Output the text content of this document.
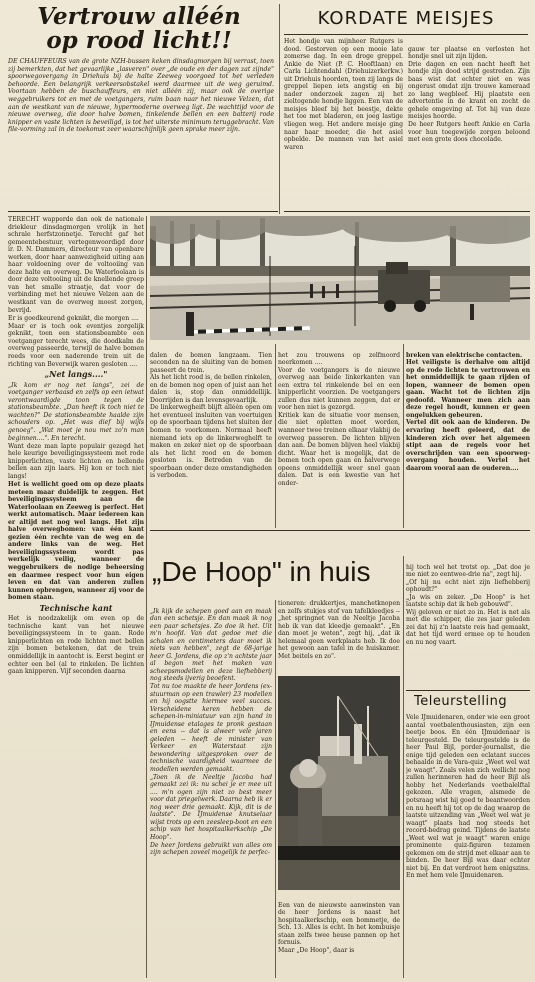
Vertrouw alléén
op rood licht!!

DE CHAUFFEURS van de grote NZH-bussen keken dinsdagmorgen bij verrast, toen zij bemerkten, dat het gevaarlijke „lasveren" over „de oude en der dagen zat zijnde" spoorwegovergang in Driehuis bij de halte Zeeweg voorgoed tot het verleden behoorde. Een belangrijk verkeersobstakel werd daarmee uit de weg geruimd. Voortaan hebben de buschauffeurs, en niet alléén zij, maar ook de overige weggebruikers tot en met de voetgangers, ruim baan naar het nieuwe Velzen, dat aan de westkant van de nieuwe, hypermoderne overweg ligt. De wachttijd voor de nieuwe overweg, die door halve bomen, tinkelende bellen en een batterij rode knipper en vaste lichten is beveiligd, is tot het uiterste minimum teruggebracht. Van file-vorming zal in de toekomst zeer waarschijnlijk geen sprake meer zijn.

KORDATE MEISJES

Het hondje van mijnheer Rutgers is dood. Gestorven op een mooie late zomerse dag. In een droge greppel. Ankie de Niet (P. C. Hooftlaan) en Carla Lichtendahl (Driehuizerkerkw.) uit Driehuis hoorden, toen zij langs de greppel liepen iets angstig en bij nader onderzoek zagen zij het zieltogende hondje liggen. Een van de meisjes bleef bij het beestje, dekte het toe met bladeren, en joeg lastige vliegen weg. Het andere meisje ging naar haar moeder, die het asiel opbelde. De mannen van het asiel waren

gauw ter plaatse en verlosten het hondje snel uit zijn lijden.
Drie dagen en een nacht heeft het hondje zijn dood strijd gestreden. Zijn baas wist dat echter niet en was ongerust omdat zijn trouwe kameraad zo lang wegbleef. Hij plaatste een advertentie in de krant en zocht de gehele omgeving af. Tot hij van deze meisjes hoorde.
De heer Rutgers heeft Ankie en Carla voor hun toegewijde zorgen beloond met een grote doos chocolade.

TERECHT wapperde dan ook de nationale driekleur dinsdagmorgen vrolijk in het schrale herfstzonnetje. Terecht gaf het gemeentebestuur, vertegenwoordigd door ir. D. N. Dammers, directeur van openbare werken, door haar aanwezigheid uiting aan haar voldoening over de voltooiing van deze halte en overweg. De Waterloolaan is door deze voltooiing uit de knellende greep van het smalle straatje, dat voor de verbinding met het nieuwe Velzen aan de westkant van de overweg moest zorgen, bevrijd.

Er is goedkeurend geknikt, die morgen ....

Maar er is toch ook eventjes zorgelijk geknikt, toen een stationsbeambte een voetganger terecht wees, die doodkalm de overweg passeerde, terwijl de halve bomen reeds voor een naderende trein uit de richting van Beverwijk waren gesloten ....

„Net langs...."

„Ik kom er nog net langs", zei de voetganger verbaasd en zelfs op een ietwat verontwaardigde toon tegen de stationsbeambte. „Dan heeft ik toch niet te wachten?" De stationsbeambte haalde zijn schouders op. „Het was dief bij wijls genoeg". „Wat moet je nou met zo'n man beginnen....". En terecht.

Want deze man lapte populair gezegd het hele keurige beveiligingssysteem met rode knipperlichten, vaste lichten en bellende bellen aan zijn laars. Hij kon er toch niet langs!

Het is wellicht goed om op deze plaats meteen maar duidelijk te zeggen. Het beveiligingssysteem aan de Waterloolaan en Zeeweg is perfect. Het werkt automatisch. Maar iedereen kan er altijd net nog wel langs. Het zijn halve overwegbomen: van één kant gezien één rechte van de weg en de andere links van de weg. Het beveiligingssysteem wordt pas werkelijk veilig, wanneer de weggebruikers de nodige beheersing en daarmee respect voor hun eigen leven en dat van anderen zullen kunnen opbrengen, wanneer zij voor de bomen staan.

Technische kant

Het is noodzakelijk om even op de technische kant van het nieuwe beveiligingssysteem in te gaan. Rode knipperlichten en rode lichten met bellen zijn bomen betekenen, dat de trein onmiddellijk in aantocht is. Eerst begint er echter een bel (al te rinkelen. De lichten gaan knipperen. Vijf seconden daarna

dalen de bomen langzaam. Tien seconden na de sluiting van de bomen passeert de trein.
Als het licht rood is, de bellen rinkelen, en de bomen nog open of juist aan het dalen is, stop dan onmiddellijk. Doorrijden is dan levensgevaarlijk.
De linkerwegheift blijft alléén open om het eventueel insluiten van voertuigen op de spoorbaan tijdens het sluiten der bomen te voorkomen. Normaal heeft niemand iets op de linkerweghelft te maken en zeker niet op de spoorbaan als het licht rood en de bomen gesloten is. Betreden van de spoorbaan onder deze omstandigheden is verboden.

het zou trouwens op zelfmoord neerkomen ....
Voor de voetgangers is de nieuwe overweg aan beide linkerkanten van een extra tel rinkelende bel en een knipperlicht voorzien. De voetgangers zullen dus niet kunnen zeggen, dat er voor hen niet is gezorgd.
Kritiek kan de situatie voor mensen, die niet opletten moet worden, wanneer twee treinen elkaar vlakbij de overweg passeren. De lichten blijven dan aan. De bomen blijven heel vlakbij dicht. Waar het is mogelijk, dat de bomen toch open gaan en halverwege opeens onmiddellijk weer snel gaan dalen. Dat is een kwestie van het onder-

breken van elektrische contacten.
Het veiligste is derhalve om altijd op de rode lichten te vertrouwen en het onmiddellijk te gaan rijden of lopen, wanneer de bomen open gaan. Wacht tot de lichten zijn gedoofd. Wanneer men zich aan deze regel houdt, kunnen er geen ongelukken gebeuren.
Vertel dit ook aan de kinderen. De ervaring heeft geleerd, dat de kinderen zich over het algemeen stipt aan de regels voor het overschrijden van een spoorweg-overgang houden. Vertel het daarom vooral aan de ouderen....

„De Hoop" in huis

„Ik kijk de schepen goed aan en maak dan een schetsje. En dan maak ik nog een paar schetsjes. Zo doe ik het. Uit m'n hoofd. Van dat gedoe met die schalen en centimeters daar moet ik niets van hebben", zegt de 68-jarige heer G. Jordens, die op z'n achtste jaar al begon met het maken van scheepsmodellen en deze liefhebberij nog steeds ijverig beoefent.
Tot nu toe maakte de heer Jordens (ex-stuurman op een trawler) 23 modellen en hij oogstte hiermee veel succes. Verscheidene keren hebben de schepen-in-miniatuur van zijn hand in IJmuidense etalages te pronk gestaan en eens -- dat is alweer vele jaren geleden -- heeft de minister van Verkeer en Waterstaat zijn bewondering uitgesproken over de technische vaardigheid waarmee de modellen werden gemaakt.
„Toen ik de Neeltje Jacoba had gemaakt zei ik: nu schei je er mee uit .... m'n ogen zijn niet zo best meer voor dat priegelwerk. Daarna heb ik er nog weer drie gemaakt. Kijk, dit is de laatste". De IJmuidense knutselaar wijst trots op een zeesleep-boot en een schip van het hospitaalkerkschip „De Hoop".
De heer Jordens gebruikt van alles om zijn schepen zoveel mogelijk te perfec-

tioneren: drukkertjes, manchetknopen en zelfs stukjes stof van tafelkleedjes -- „het springnet van de Neeltje Jacoba heb ik van dat kleedje gemaakt". „En dan moet je weten", zegt hij, „dat ik helemaal geen werkplaats heb. Ik doe het gewoon aan tafel in de huiskamer. Met beitels en zo".

Een van de nieuwste aanwinsten van de heer Jordens is naast het hospitaalkerkschip, een bommetje, de Sch. 13. Alles is echt. In het kombuisje staan zelfs twee heuse pannen op het fornuis.
Maar „De Hoop", daar is

hij toch wel het trotst op. „Dat doe je me niet zo eentwee-drie na", zegt hij.
„Of hij nu echt niet zijn liefhebberij ophoudt?"
„Ja wis en zeker. „De Hoop" is het laatste schip dat ik heb gebouwd".
Wij geloven er niet zo in. Het is net als met die schipper, die zes jaar geleden zei dat hij z'n laatste reis had gemaakt, dat het tijd werd ermee op te houden en nu nog vaart.

Teleurstelling

Vele IJmuidenaren, onder wie een groot aantal voetbalenthousiasten, zijn een beetje boos. En één IJmuidenaar is teleurgesteld. De teleurgestelde is de heer Paul Bijl, porder-journalist, die enige tijd geleden een eclatant succes behaalde in de Vara-quiz „Weet wel wat je waagt". Zoals velen zich wellicht nog zullen herinneren had de heer Bijl als hobby het Nederlands voetbalelftal gekozen. Alle vragen, alsmede de potsraag wist hij goed te beantwoorden en nu heeft hij tot op de dag waarop de laatste uitzending van „Weet wel wat je waagt" plaats had nog steeds het record-bedrag geind. Tijdens de laatste „Weet wel wat je waagt" waren enige prominente quiz-figuren tezamen gekomen om de strijd met elkaar aan te binden. De heer Bijl was daar echter niet bij. En dat verdroot hem enigszins. En met hem vele IJmuidenaren.
